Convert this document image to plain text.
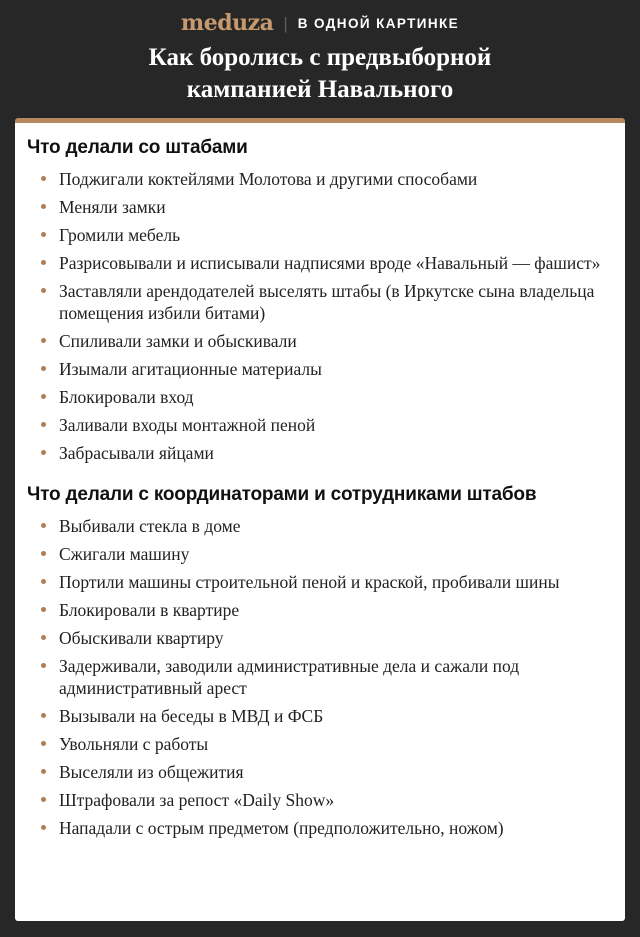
meduza | В ОДНОЙ КАРТИНКЕ
Как боролись с предвыборной кампанией Навального
Что делали со штабами
Поджигали коктейлями Молотова и другими способами
Меняли замки
Громили мебель
Разрисовывали и исписывали надписями вроде «Навальный — фашист»
Заставляли арендодателей выселять штабы (в Иркутске сына владельца помещения избили битами)
Спиливали замки и обыскивали
Изымали агитационные материалы
Блокировали вход
Заливали входы монтажной пеной
Забрасывали яйцами
Что делали с координаторами и сотрудниками штабов
Выбивали стекла в доме
Сжигали машину
Портили машины строительной пеной и краской, пробивали шины
Блокировали в квартире
Обыскивали квартиру
Задерживали, заводили административные дела и сажали под административный арест
Вызывали на беседы в МВД и ФСБ
Увольняли с работы
Выселяли из общежития
Штрафовали за репост «Daily Show»
Нападали с острым предметом (предположительно, ножом)
